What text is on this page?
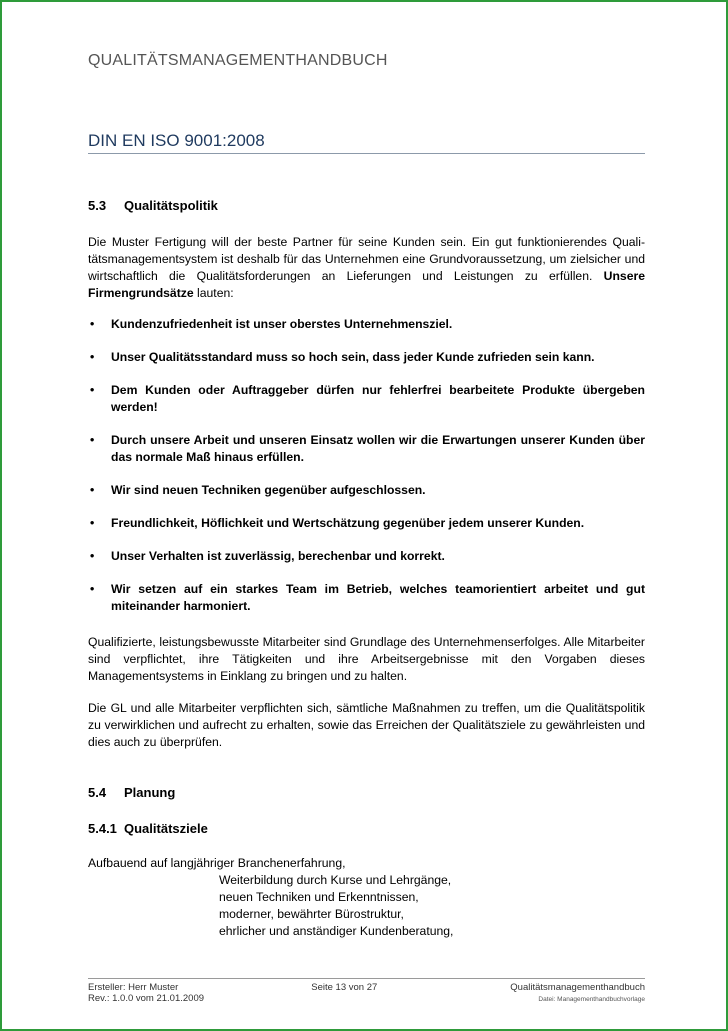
QUALITÄTSMANAGEMENTHANDBUCH
DIN EN ISO 9001:2008
5.3 Qualitätspolitik
Die Muster Fertigung will der beste Partner für seine Kunden sein. Ein gut funktionierendes Qualitätsmanagementsystem ist deshalb für das Unternehmen eine Grundvoraussetzung, um zielsicher und wirtschaftlich die Qualitätsforderungen an Lieferungen und Leistungen zu erfüllen. Unsere Firmengrundsätze lauten:
• Kundenzufriedenheit ist unser oberstes Unternehmensziel.
• Unser Qualitätsstandard muss so hoch sein, dass jeder Kunde zufrieden sein kann.
• Dem Kunden oder Auftraggeber dürfen nur fehlerfrei bearbeitete Produkte übergeben werden!
• Durch unsere Arbeit und unseren Einsatz wollen wir die Erwartungen unserer Kunden über das normale Maß hinaus erfüllen.
• Wir sind neuen Techniken gegenüber aufgeschlossen.
• Freundlichkeit, Höflichkeit und Wertschätzung gegenüber jedem unserer Kunden.
• Unser Verhalten ist zuverlässig, berechenbar und korrekt.
• Wir setzen auf ein starkes Team im Betrieb, welches teamorientiert arbeitet und gut miteinander harmoniert.
Qualifizierte, leistungsbewusste Mitarbeiter sind Grundlage des Unternehmenserfolges. Alle Mitarbeiter sind verpflichtet, ihre Tätigkeiten und ihre Arbeitsergebnisse mit den Vorgaben dieses Managementsystems in Einklang zu bringen und zu halten.
Die GL und alle Mitarbeiter verpflichten sich, sämtliche Maßnahmen zu treffen, um die Qualitätspolitik zu verwirklichen und aufrecht zu erhalten, sowie das Erreichen der Qualitätsziele zu gewährleisten und dies auch zu überprüfen.
5.4 Planung
5.4.1 Qualitätsziele
Aufbauend auf langjähriger Branchenerfahrung,
Weiterbildung durch Kurse und Lehrgänge,
neuen Techniken und Erkenntnissen,
moderner, bewährter Bürostruktur,
ehrlicher und anständiger Kundenberatung,
Ersteller: Herr Muster	Seite 13 von 27	Qualitätsmanagementhandbuch
Rev.: 1.0.0 vom 21.01.2009	Datei: Managementhandbuchvorlage
